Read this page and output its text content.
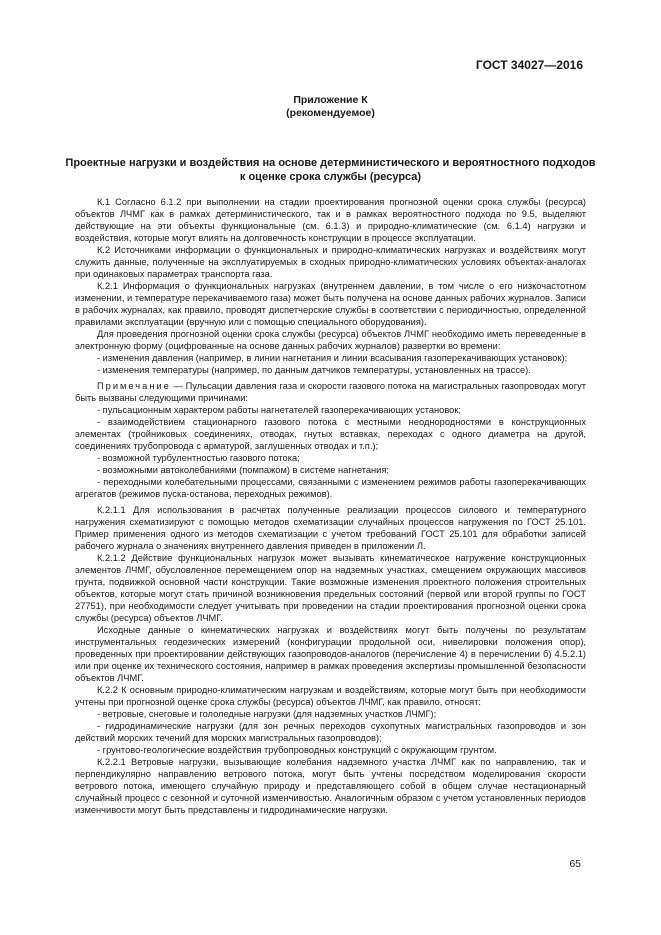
ГОСТ 34027—2016
Приложение К
(рекомендуемое)
Проектные нагрузки и воздействия на основе детерминистического и вероятностного подходов
к оценке срока службы (ресурса)

К.1 Согласно 6.1.2 при выполнении на стадии проектирования прогнозной оценки срока службы (ресурса) объектов ЛЧМГ как в рамках детерминистического, так и в рамках вероятностного подхода по 9.5, выделяют действующие на эти объекты функциональные (см. 6.1.3) и природно-климатические (см. 6.1.4) нагрузки и воздействия, которые могут влиять на долговечность конструкции в процессе эксплуатации.

К.2 Источниками информации о функциональных и природно-климатических нагрузках и воздействиях могут служить данные, полученные на эксплуатируемых в сходных природно-климатических условиях объектах-аналогах при одинаковых параметрах транспорта газа.

К.2.1 Информация о функциональных нагрузках (внутреннем давлении, в том числе о его низкочастотном изменении, и температуре перекачиваемого газа) может быть получена на основе данных рабочих журналов. Записи в рабочих журналах, как правило, проводят диспетчерские службы в соответствии с периодичностью, определенной правилами эксплуатации (вручную или с помощью специального оборудования).

Для проведения прогнозной оценки срока службы (ресурса) объектов ЛЧМГ необходимо иметь переведенные в электронную форму (оцифрованные на основе данных рабочих журналов) развертки во времени:

- изменения давления (например, в линии нагнетания и линии всасывания газоперекачивающих установок);

- изменения температуры (например, по данным датчиков температуры, установленных на трассе).

Примечание — Пульсации давления газа и скорости газового потока на магистральных газопроводах могут быть вызваны следующими причинами:

- пульсационным характером работы нагнетателей газоперекачивающих установок;

- взаимодействием стационарного газового потока с местными неоднородностями в конструкционных элементах (тройниковых соединениях, отводах, гнутых вставках, переходах с одного диаметра на другой, соединениях трубопровода с арматурой, заглушенных отводах и т.п.);

- возможной турбулентностью газового потока;

- возможными автоколебаниями (помпажом) в системе нагнетания;

- переходными колебательными процессами, связанными с изменением режимов работы газоперекачивающих агрегатов (режимов пуска-останова, переходных режимов).

К.2.1.1 Для использования в расчетах полученные реализации процессов силового и температурного нагружения схематизируют с помощью методов схематизации случайных процессов нагружения по ГОСТ 25.101. Пример применения одного из методов схематизации с учетом требований ГОСТ 25.101 для обработки записей рабочего журнала о значениях внутреннего давления приведен в приложении Л.

К.2.1.2 Действие функциональных нагрузок может вызывать кинематическое нагружение конструкционных элементов ЛЧМГ, обусловленное перемещением опор на надземных участках, смещением окружающих массивов грунта, подвижкой основной части конструкции. Такие возможные изменения проектного положения строительных объектов, которые могут стать причиной возникновения предельных состояний (первой или второй группы по ГОСТ 27751), при необходимости следует учитывать при проведении на стадии проектирования прогнозной оценки срока службы (ресурса) объектов ЛЧМГ.

Исходные данные о кинематических нагрузках и воздействиях могут быть получены по результатам инструментальных геодезических измерений (конфигурации продольной оси, нивелировки положения опор), проведенных при проектировании действующих газопроводов-аналогов (перечисление 4) в перечислении б) 4.5.2.1) или при оценке их технического состояния, например в рамках проведения экспертизы промышленной безопасности объектов ЛЧМГ.

К.2.2 К основным природно-климатическим нагрузкам и воздействиям, которые могут быть при необходимости учтены при прогнозной оценке срока службы (ресурса) объектов ЛЧМГ, как правило, относят:

- ветровые, снеговые и гололедные нагрузки (для надземных участков ЛЧМГ);

- гидродинамические нагрузки (для зон речных переходов сухопутных магистральных газопроводов и зон действий морских течений для морских магистральных газопроводов);

- грунтово-геологические воздействия трубопроводных конструкций с окружающим грунтом.

К.2.2.1 Ветровые нагрузки, вызывающие колебания надземного участка ЛЧМГ как по направлению, так и перпендикулярно направлению ветрового потока, могут быть учтены посредством моделирования скорости ветрового потока, имеющего случайную природу и представляющего собой в общем случае нестационарный случайный процесс с сезонной и суточной изменчивостью. Аналогичным образом с учетом установленных периодов изменчивости могут быть представлены и гидродинамические нагрузки.

65
